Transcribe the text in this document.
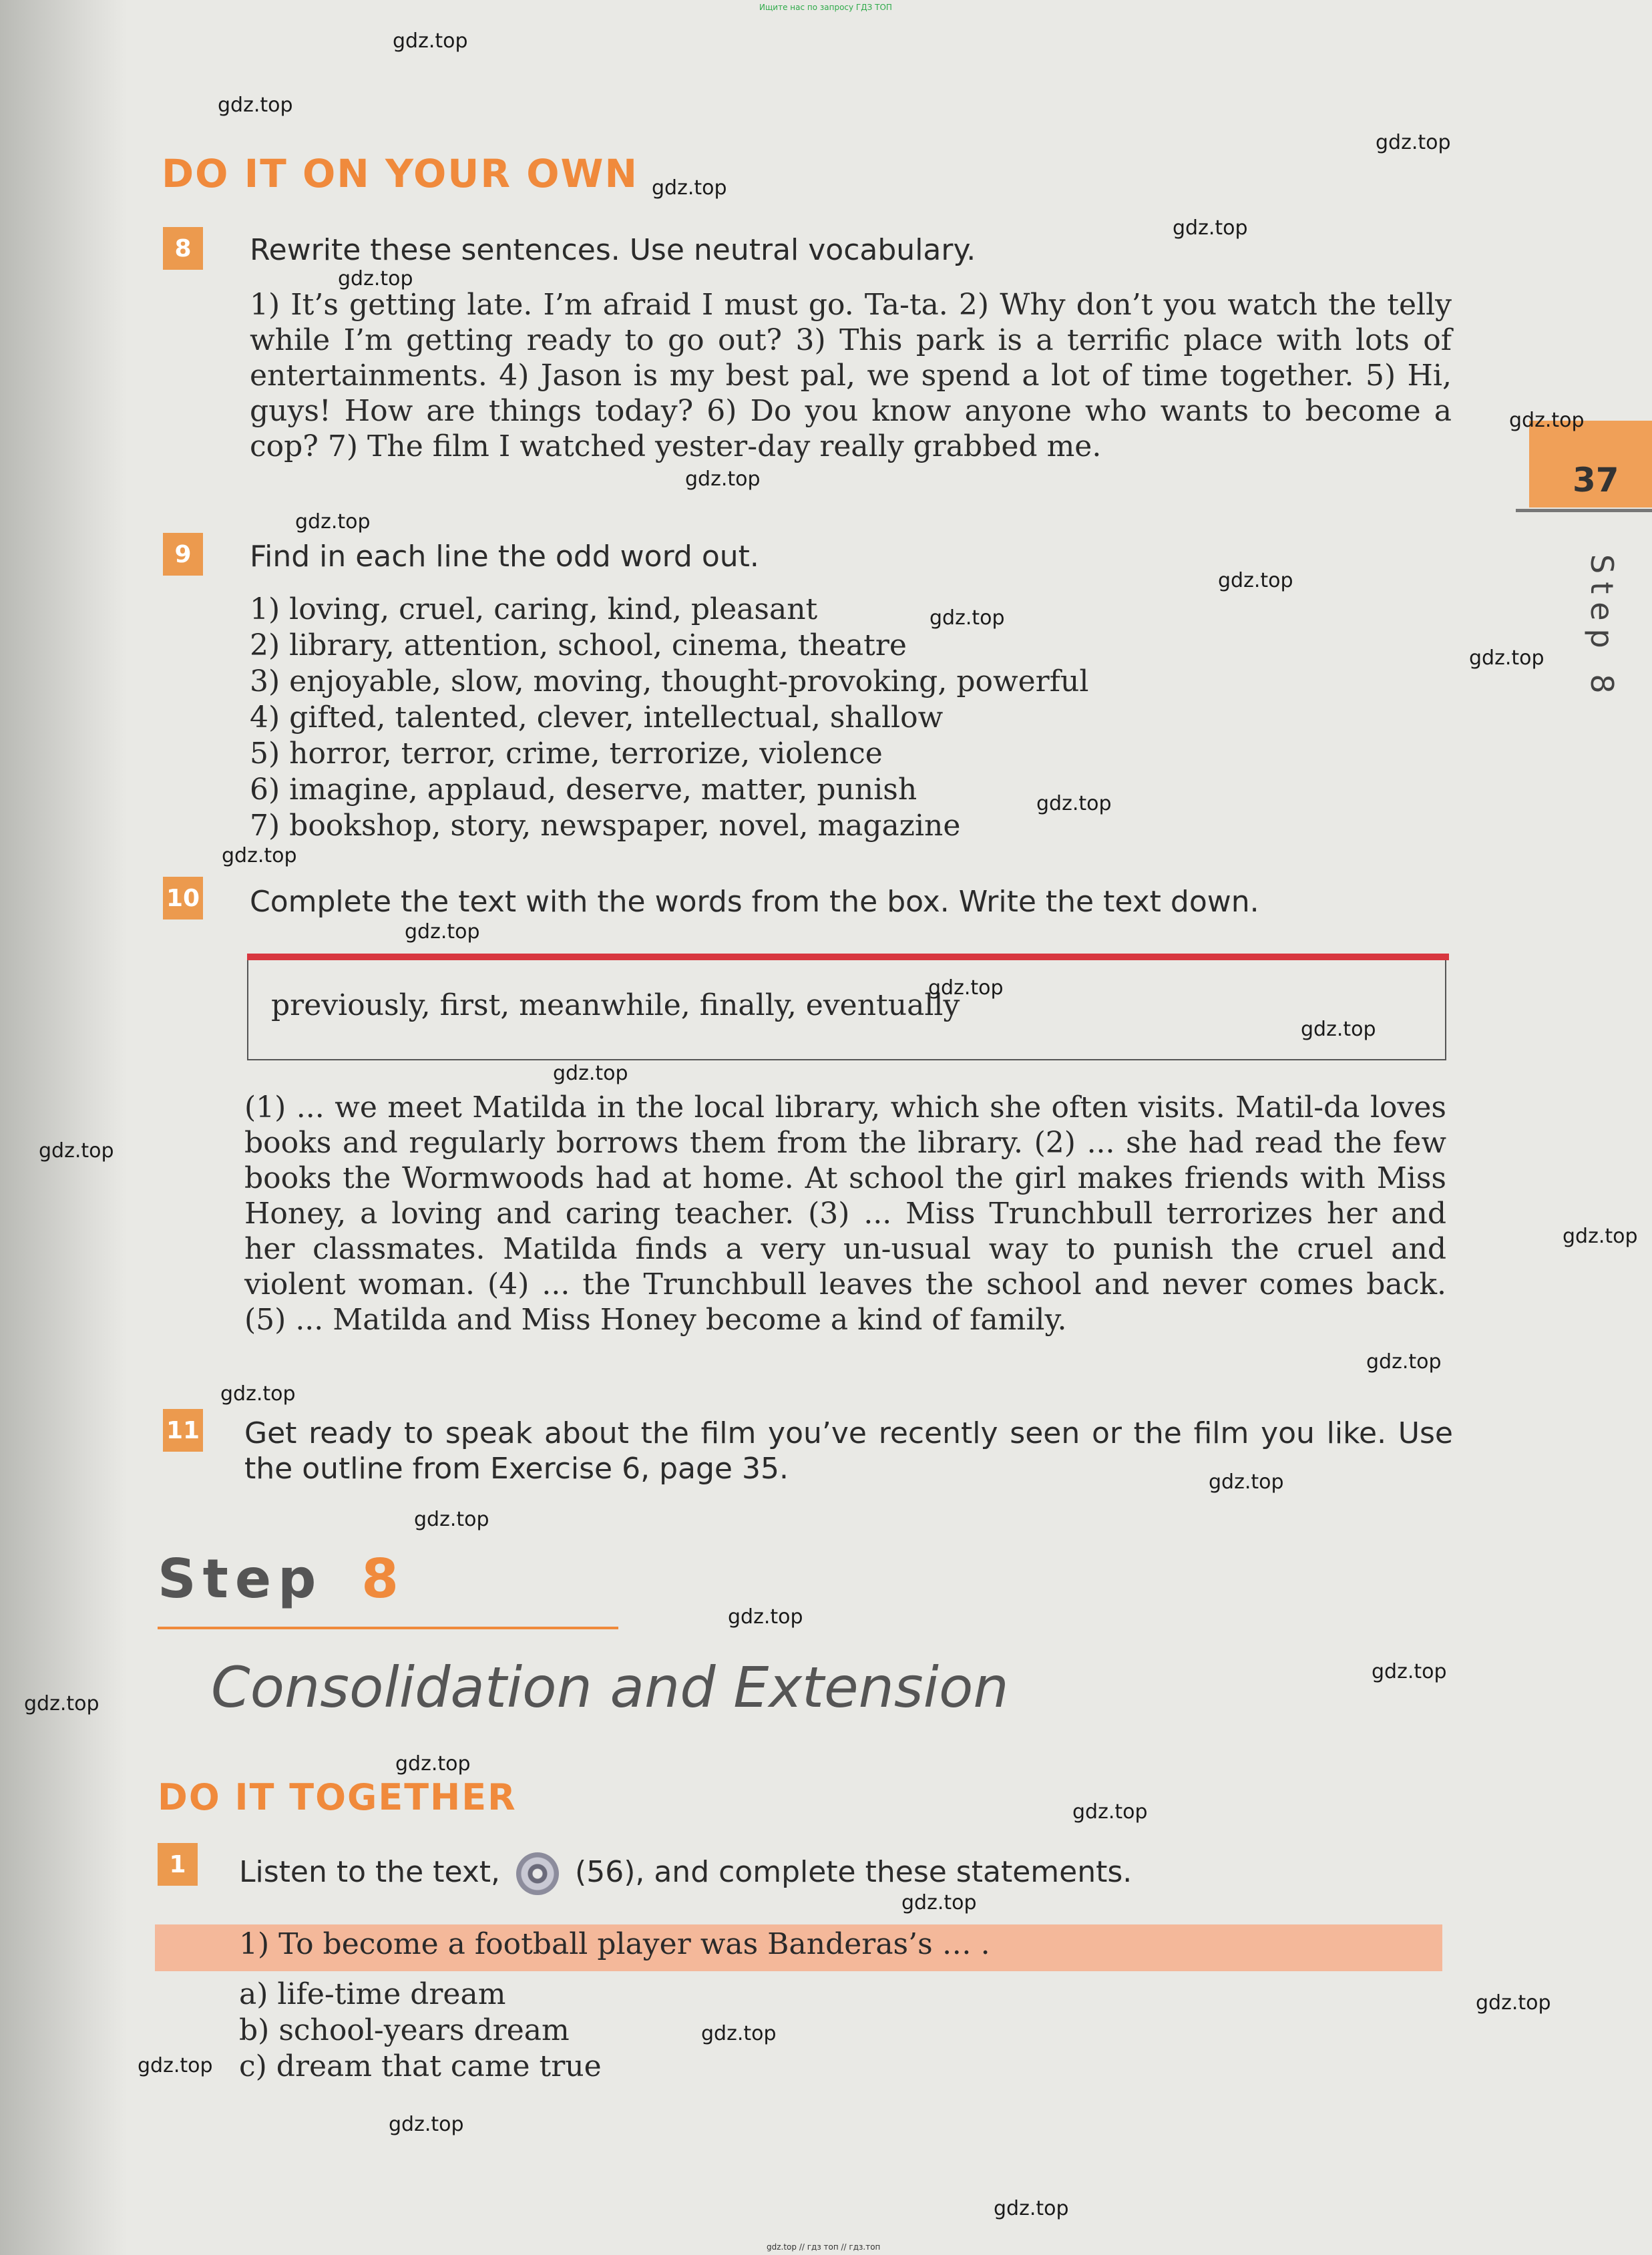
Ищите нас по запросу ГДЗ ТОП
37
Step 8
DO IT ON YOUR OWN
8	Rewrite these sentences. Use neutral vocabulary.
1) It’s getting late. I’m afraid I must go. Ta-ta. 2) Why don’t you watch the telly while I’m getting ready to go out? 3) This park is a terrific place with lots of entertainments. 4) Jason is my best pal, we spend a lot of time together. 5) Hi, guys! How are things today? 6) Do you know anyone who wants to become a cop? 7) The film I watched yester-day really grabbed me.
9	Find in each line the odd word out.
1) loving, cruel, caring, kind, pleasant
2) library, attention, school, cinema, theatre
3) enjoyable, slow, moving, thought-provoking, powerful
4) gifted, talented, clever, intellectual, shallow
5) horror, terror, crime, terrorize, violence
6) imagine, applaud, deserve, matter, punish
7) bookshop, story, newspaper, novel, magazine
10 Complete the text with the words from the box. Write the text down.
previously, first, meanwhile, finally, eventually
(1) ... we meet Matilda in the local library, which she often visits. Matil-da loves books and regularly borrows them from the library. (2) ... she had read the few books the Wormwoods had at home. At school the girl makes friends with Miss Honey, a loving and caring teacher. (3) ... Miss Trunchbull terrorizes her and her classmates. Matilda finds a very un-usual way to punish the cruel and violent woman. (4) ... the Trunchbull leaves the school and never comes back. (5) ... Matilda and Miss Honey become a kind of family.
11 Get ready to speak about the film you’ve recently seen or the film you like. Use the outline from Exercise 6, page 35.
Step 8
Consolidation and Extension
DO IT TOGETHER
1	Listen to the text,	(56), and complete these statements.
1) To become a football player was Banderas’s … .
a) life-time dream
b) school-years dream
c) dream that came true
gdz.top
gdz.top
gdz.top
gdz.top
gdz.top
gdz.top
gdz.top
gdz.top
gdz.top
gdz.top
gdz.top
gdz.top
gdz.top
gdz.top
gdz.top
gdz.top
gdz.top
gdz.top
gdz.top
gdz.top
gdz.top
gdz.top
gdz.top
gdz.top
gdz.top
gdz.top
gdz.top
gdz.top
gdz.top
gdz.top
gdz.top
gdz.top
gdz.top
gdz.top
gdz.top
gdz.top // гдз топ // гдз.топ
